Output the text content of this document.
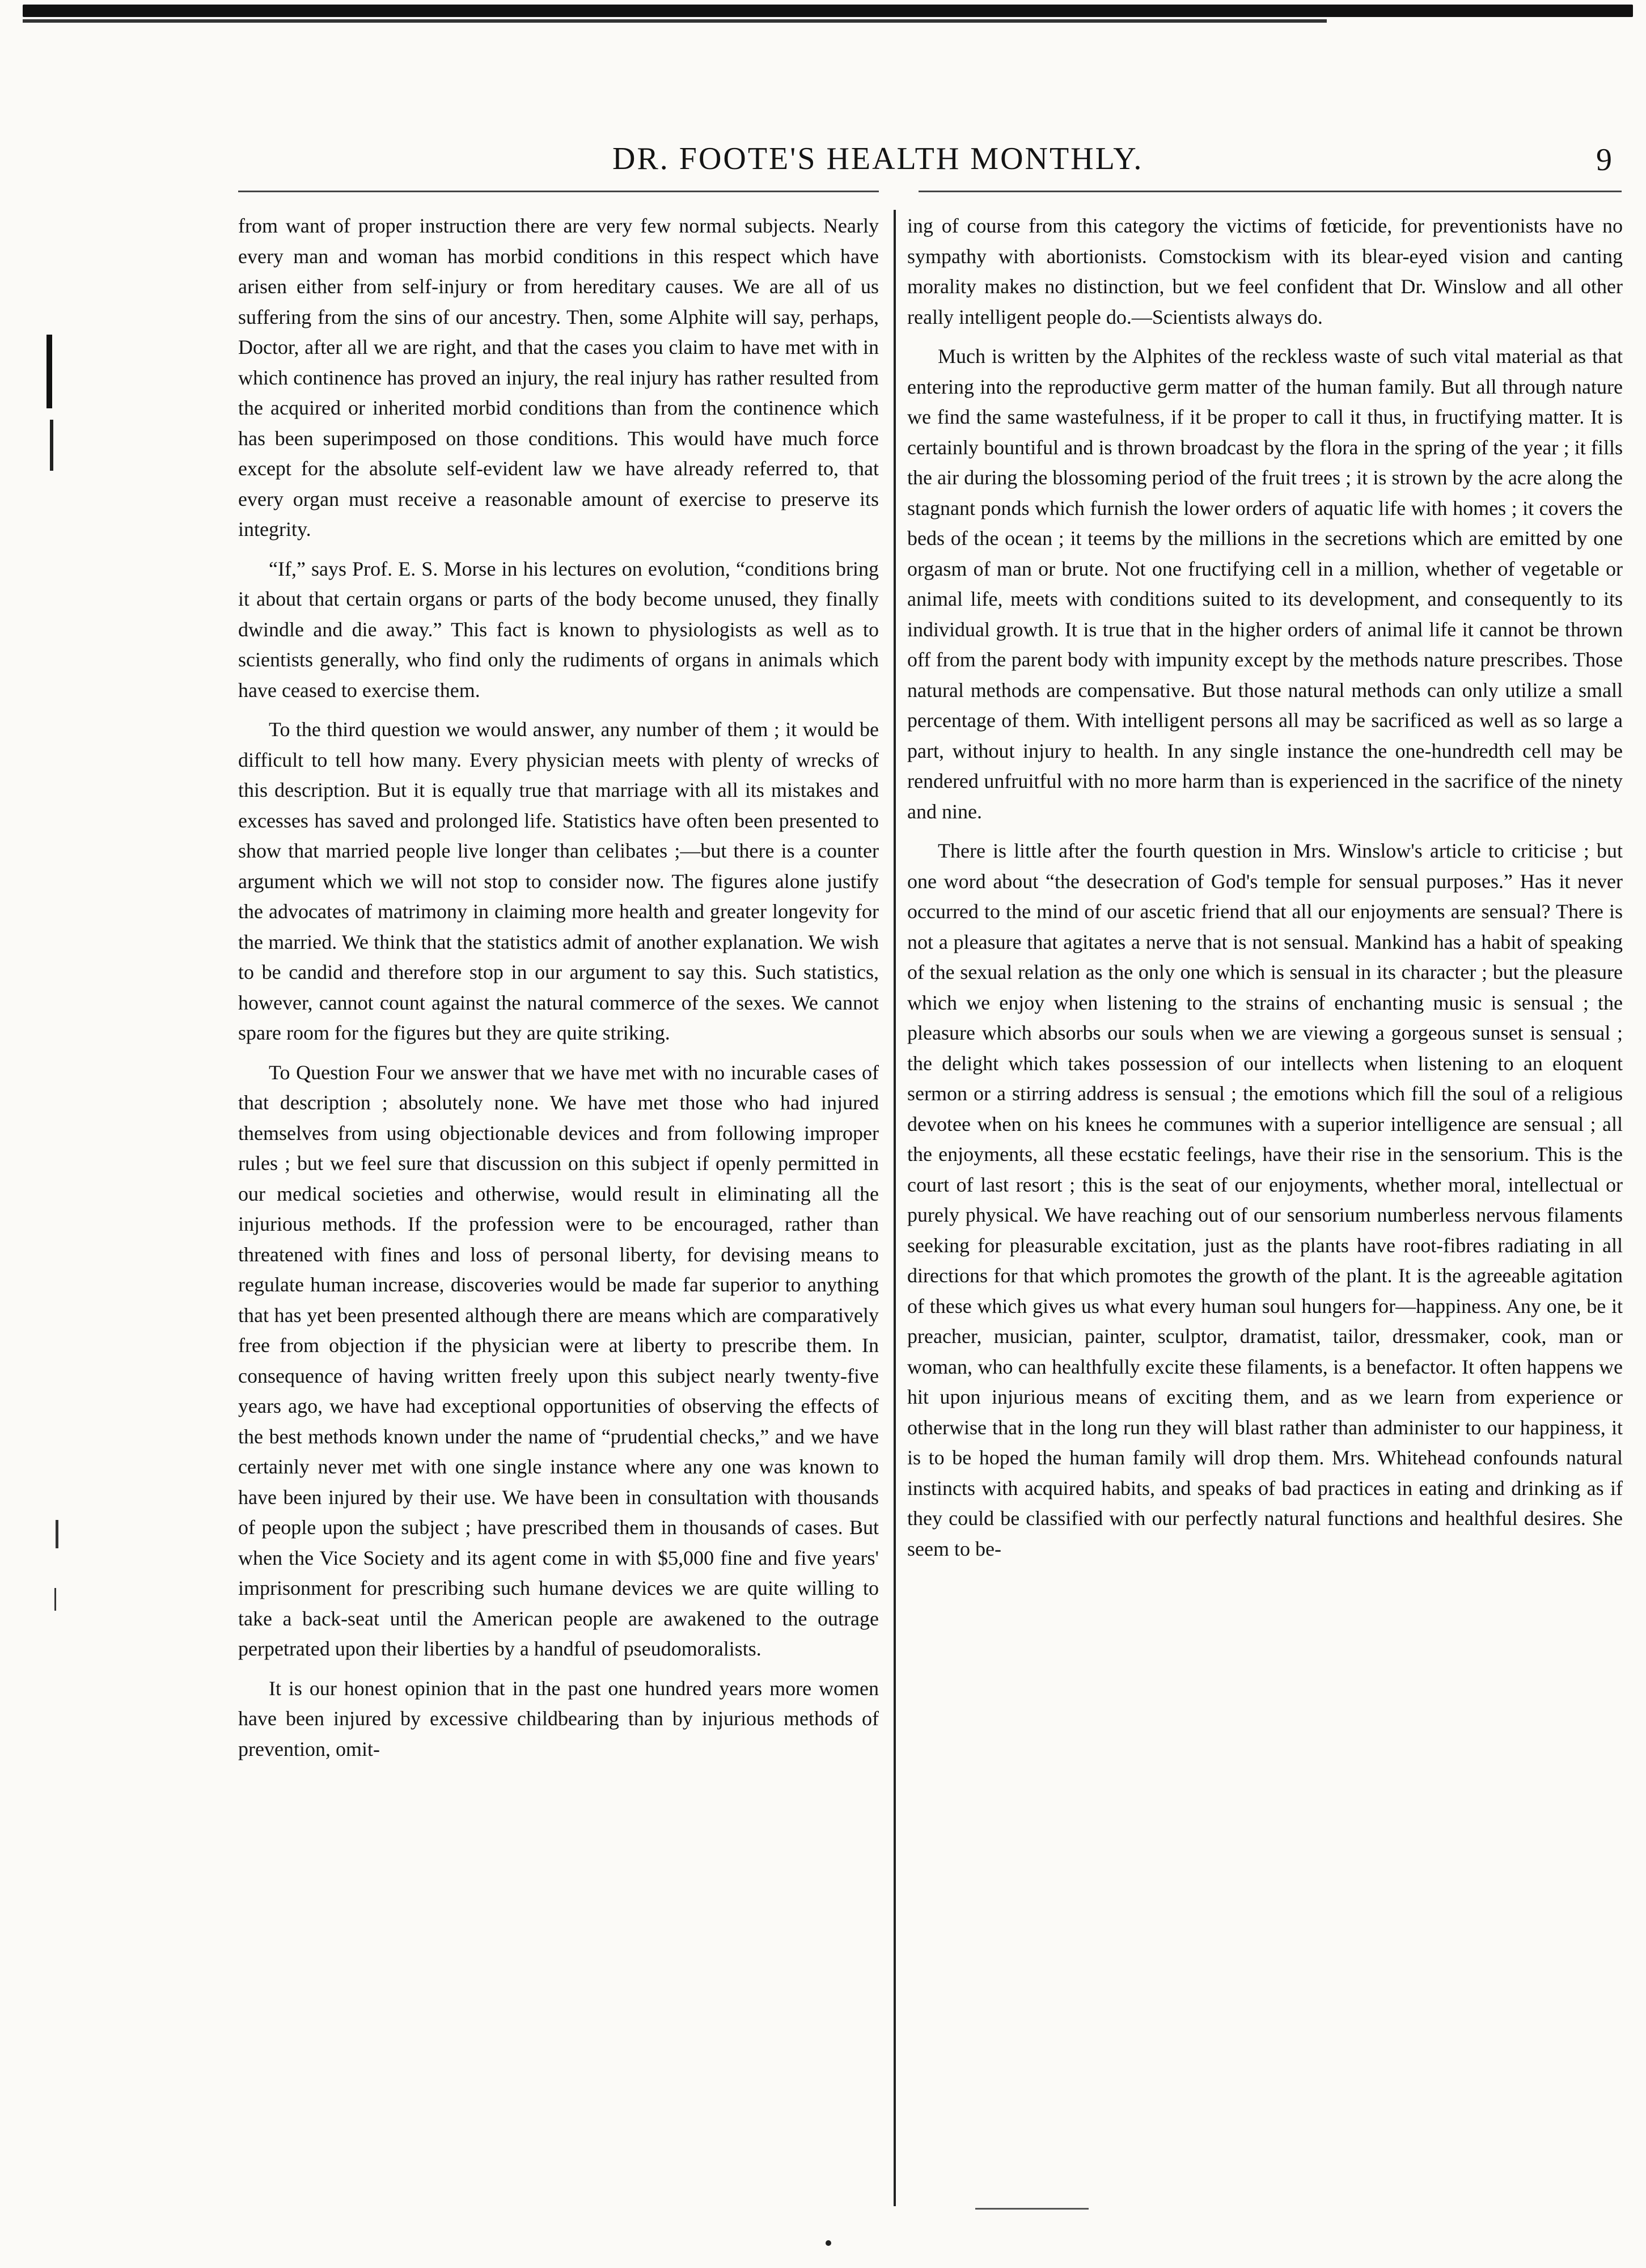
DR. FOOTE'S HEALTH MONTHLY.	9

from want of proper instruction there are very few normal subjects. Nearly every man and woman has morbid conditions in this respect which have arisen either from self-injury or from hereditary causes. We are all of us suffering from the sins of our ancestry. Then, some Alphite will say, perhaps, Doctor, after all we are right, and that the cases you claim to have met with in which continence has proved an injury, the real injury has rather resulted from the acquired or inherited morbid conditions than from the continence which has been superimposed on those conditions. This would have much force except for the absolute self-evident law we have already referred to, that every organ must receive a reasonable amount of exercise to preserve its integrity.

“If,” says Prof. E. S. Morse in his lectures on evolution, “conditions bring it about that certain organs or parts of the body become unused, they finally dwindle and die away.” This fact is known to physiologists as well as to scientists generally, who find only the rudiments of organs in animals which have ceased to exercise them.

To the third question we would answer, any number of them ; it would be difficult to tell how many. Every physician meets with plenty of wrecks of this description. But it is equally true that marriage with all its mistakes and excesses has saved and prolonged life. Statistics have often been presented to show that married people live longer than celibates ;—but there is a counter argument which we will not stop to consider now. The figures alone justify the advocates of matrimony in claiming more health and greater longevity for the married. We think that the statistics admit of another explanation. We wish to be candid and therefore stop in our argument to say this. Such statistics, however, cannot count against the natural commerce of the sexes. We cannot spare room for the figures but they are quite striking.

To Question Four we answer that we have met with no incurable cases of that description ; absolutely none. We have met those who had injured themselves from using objectionable devices and from following improper rules ; but we feel sure that discussion on this subject if openly permitted in our medical societies and otherwise, would result in eliminating all the injurious methods. If the profession were to be encouraged, rather than threatened with fines and loss of personal liberty, for devising means to regulate human increase, discoveries would be made far superior to anything that has yet been presented although there are means which are comparatively free from objection if the physician were at liberty to prescribe them. In consequence of having written freely upon this subject nearly twenty-five years ago, we have had exceptional opportunities of observing the effects of the best methods known under the name of “prudential checks,” and we have certainly never met with one single instance where any one was known to have been injured by their use. We have been in consultation with thousands of people upon the subject ; have prescribed them in thousands of cases. But when the Vice Society and its agent come in with $5,000 fine and five years' imprisonment for prescribing such humane devices we are quite willing to take a back-seat until the American people are awakened to the outrage perpetrated upon their liberties by a handful of pseudomoralists.

It is our honest opinion that in the past one hundred years more women have been injured by excessive childbearing than by injurious methods of prevention, omit-

ing of course from this category the victims of fœticide, for preventionists have no sympathy with abortionists. Comstockism with its blear-eyed vision and canting morality makes no distinction, but we feel confident that Dr. Winslow and all other really intelligent people do.—Scientists always do.

Much is written by the Alphites of the reckless waste of such vital material as that entering into the reproductive germ matter of the human family. But all through nature we find the same wastefulness, if it be proper to call it thus, in fructifying matter. It is certainly bountiful and is thrown broadcast by the flora in the spring of the year ; it fills the air during the blossoming period of the fruit trees ; it is strown by the acre along the stagnant ponds which furnish the lower orders of aquatic life with homes ; it covers the beds of the ocean ; it teems by the millions in the secretions which are emitted by one orgasm of man or brute. Not one fructifying cell in a million, whether of vegetable or animal life, meets with conditions suited to its development, and consequently to its individual growth. It is true that in the higher orders of animal life it cannot be thrown off from the parent body with impunity except by the methods nature prescribes. Those natural methods are compensative. But those natural methods can only utilize a small percentage of them. With intelligent persons all may be sacrificed as well as so large a part, without injury to health. In any single instance the one-hundredth cell may be rendered unfruitful with no more harm than is experienced in the sacrifice of the ninety and nine.

There is little after the fourth question in Mrs. Winslow's article to criticise ; but one word about “the desecration of God's temple for sensual purposes.” Has it never occurred to the mind of our ascetic friend that all our enjoyments are sensual? There is not a pleasure that agitates a nerve that is not sensual. Mankind has a habit of speaking of the sexual relation as the only one which is sensual in its character ; but the pleasure which we enjoy when listening to the strains of enchanting music is sensual ; the pleasure which absorbs our souls when we are viewing a gorgeous sunset is sensual ; the delight which takes possession of our intellects when listening to an eloquent sermon or a stirring address is sensual ; the emotions which fill the soul of a religious devotee when on his knees he communes with a superior intelligence are sensual ; all the enjoyments, all these ecstatic feelings, have their rise in the sensorium. This is the court of last resort ; this is the seat of our enjoyments, whether moral, intellectual or purely physical. We have reaching out of our sensorium numberless nervous filaments seeking for pleasurable excitation, just as the plants have root-fibres radiating in all directions for that which promotes the growth of the plant. It is the agreeable agitation of these which gives us what every human soul hungers for—happiness. Any one, be it preacher, musician, painter, sculptor, dramatist, tailor, dressmaker, cook, man or woman, who can healthfully excite these filaments, is a benefactor. It often happens we hit upon injurious means of exciting them, and as we learn from experience or otherwise that in the long run they will blast rather than administer to our happiness, it is to be hoped the human family will drop them. Mrs. Whitehead confounds natural instincts with acquired habits, and speaks of bad practices in eating and drinking as if they could be classified with our perfectly natural functions and healthful desires. She seem to be-
